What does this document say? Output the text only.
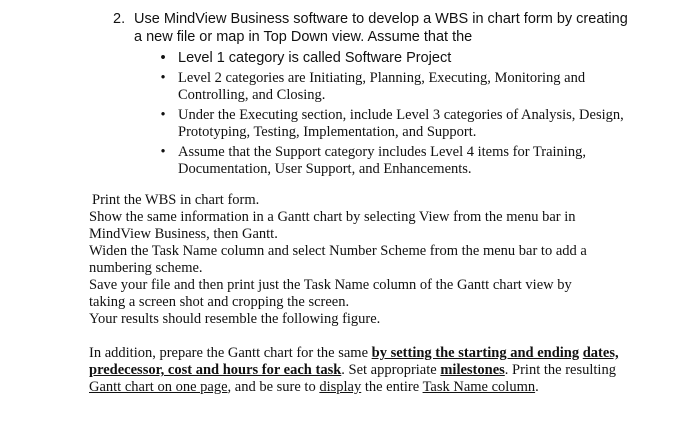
2. Use MindView Business software to develop a WBS in chart form by creating
a new file or map in Top Down view. Assume that the
• Level 1 category is called Software Project
• Level 2 categories are Initiating, Planning, Executing, Monitoring and Controlling, and Closing.
• Under the Executing section, include Level 3 categories of Analysis, Design, Prototyping, Testing, Implementation, and Support.
• Assume that the Support category includes Level 4 items for Training, Documentation, User Support, and Enhancements.

Print the WBS in chart form.

Show the same information in a Gantt chart by selecting View from the menu bar in

MindView Business, then Gantt.

Widen the Task Name column and select Number Scheme from the menu bar to add a

numbering scheme.

Save your file and then print just the Task Name column of the Gantt chart view by

taking a screen shot and cropping the screen.

Your results should resemble the following figure.

In addition, prepare the Gantt chart for the same by setting the starting and ending dates, predecessor, cost and hours for each task. Set appropriate milestones. Print the resulting Gantt chart on one page, and be sure to display the entire Task Name column.
